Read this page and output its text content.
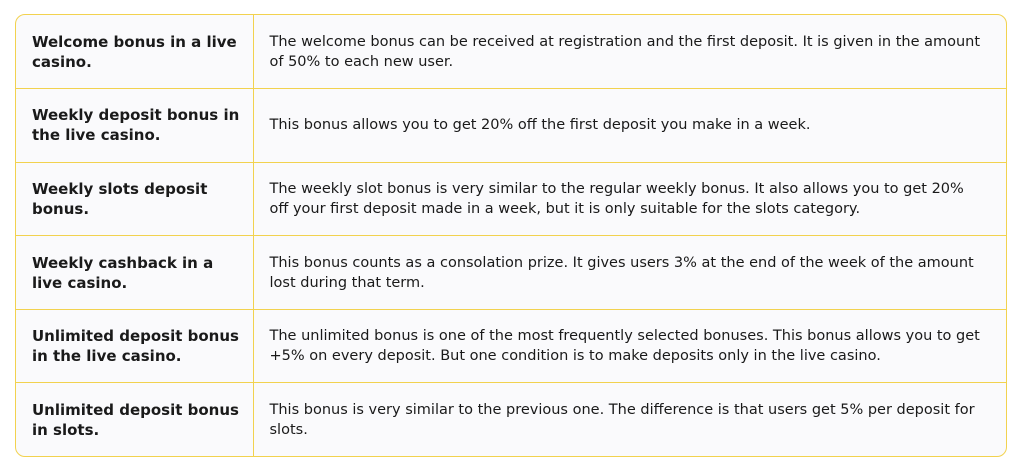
Welcome bonus in a live casino.	The welcome bonus can be received at registration and the first deposit. It is given in the amount of 50% to each new user.
Weekly deposit bonus in the live casino.	This bonus allows you to get 20% off the first deposit you make in a week.
Weekly slots deposit bonus.	The weekly slot bonus is very similar to the regular weekly bonus. It also allows you to get 20% off your first deposit made in a week, but it is only suitable for the slots category.
Weekly cashback in a live casino.	This bonus counts as a consolation prize. It gives users 3% at the end of the week of the amount lost during that term.
Unlimited deposit bonus in the live casino.	The unlimited bonus is one of the most frequently selected bonuses. This bonus allows you to get +5% on every deposit. But one condition is to make deposits only in the live casino.
Unlimited deposit bonus in slots.	This bonus is very similar to the previous one. The difference is that users get 5% per deposit for slots.
